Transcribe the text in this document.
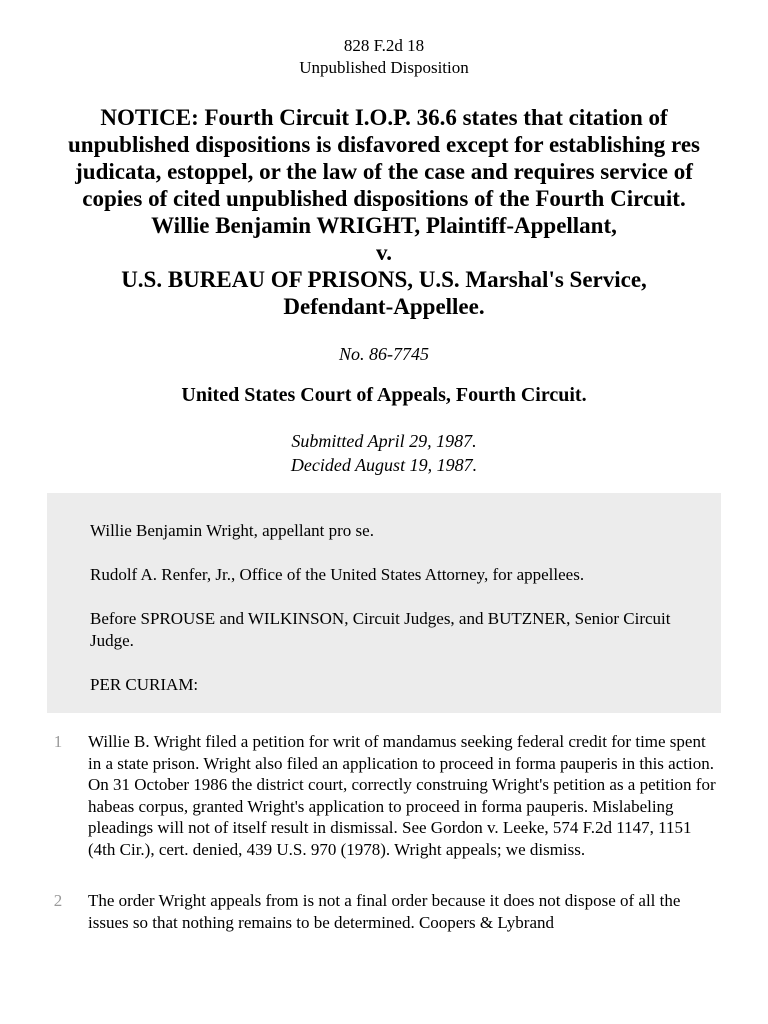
828 F.2d 18
Unpublished Disposition
NOTICE: Fourth Circuit I.O.P. 36.6 states that citation of unpublished dispositions is disfavored except for establishing res judicata, estoppel, or the law of the case and requires service of copies of cited unpublished dispositions of the Fourth Circuit.
Willie Benjamin WRIGHT, Plaintiff-Appellant,
v.
U.S. BUREAU OF PRISONS, U.S. Marshal's Service,
Defendant-Appellee.
No. 86-7745
United States Court of Appeals, Fourth Circuit.
Submitted April 29, 1987.
Decided August 19, 1987.

Willie Benjamin Wright, appellant pro se.

Rudolf A. Renfer, Jr., Office of the United States Attorney, for appellees.

Before SPROUSE and WILKINSON, Circuit Judges, and BUTZNER, Senior Circuit Judge.

PER CURIAM:

1	Willie B. Wright filed a petition for writ of mandamus seeking federal credit for time spent in a state prison. Wright also filed an application to proceed in forma pauperis in this action. On 31 October 1986 the district court, correctly construing Wright's petition as a petition for habeas corpus, granted Wright's application to proceed in forma pauperis. Mislabeling pleadings will not of itself result in dismissal. See Gordon v. Leeke, 574 F.2d 1147, 1151 (4th Cir.), cert. denied, 439 U.S. 970 (1978). Wright appeals; we dismiss.

2	The order Wright appeals from is not a final order because it does not dispose of all the issues so that nothing remains to be determined. Coopers & Lybrand
